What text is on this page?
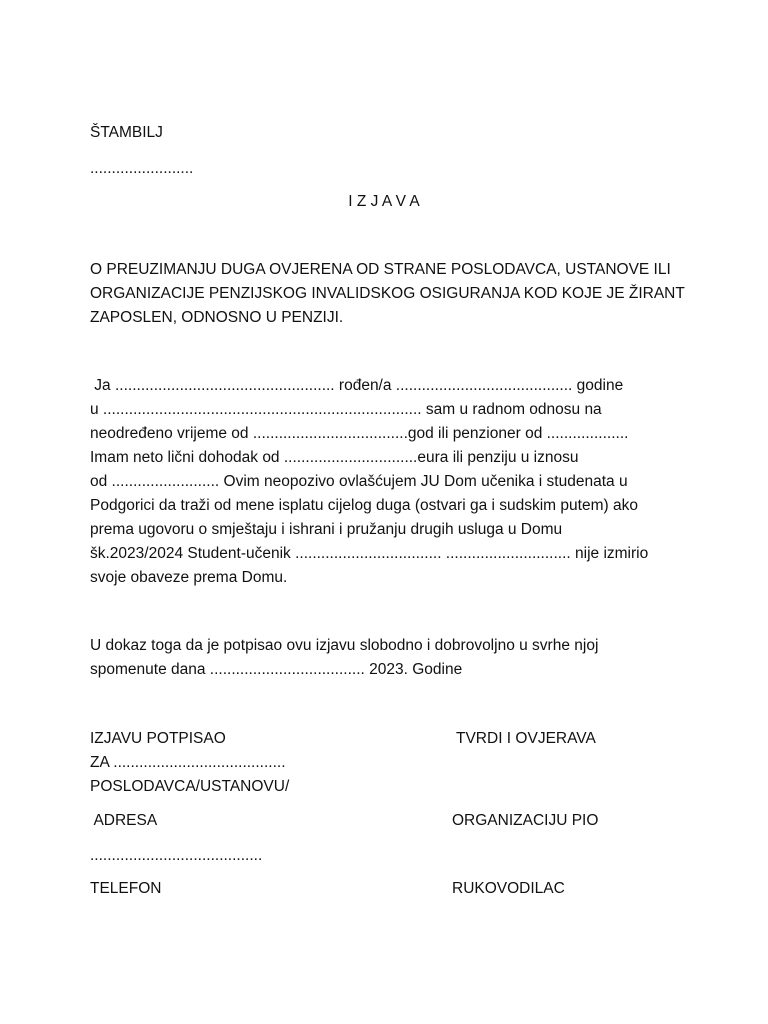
ŠTAMBILJ
........................
I Z J A V A
O PREUZIMANJU DUGA OVJERENA OD STRANE POSLODAVCA, USTANOVE ILI
ORGANIZACIJE PENZIJSKOG INVALIDSKOG OSIGURANJA KOD KOJE JE ŽIRANT
ZAPOSLEN, ODNOSNO U PENZIJI.
Ja ................................................... rođen/a ......................................... godine
u .......................................................................... sam u radnom odnosu na
neodređeno vrijeme od ....................................god ili penzioner od ...................
Imam neto lični dohodak od ...............................eura ili penziju u iznosu
od ......................... Ovim neopozivo ovlašćujem JU Dom učenika i studenata u
Podgorici da traži od mene isplatu cijelog duga (ostvari ga i sudskim putem) ako
prema ugovoru o smještaju i ishrani i pružanju drugih usluga u Domu
šk.2023/2024 Student-učenik .................................. ............................. nije izmirio
svoje obaveze prema Domu.
U dokaz toga da je potpisao ovu izjavu slobodno i dobrovoljno u svrhe njoj
spomenute dana .................................... 2023. Godine
IZJAVU POTPISAO
ZA ........................................
POSLODAVCA/USTANOVU/
ADRESA
........................................
TELEFON
TVRDI I OVJERAVA
ORGANIZACIJU PIO
RUKOVODILAC
